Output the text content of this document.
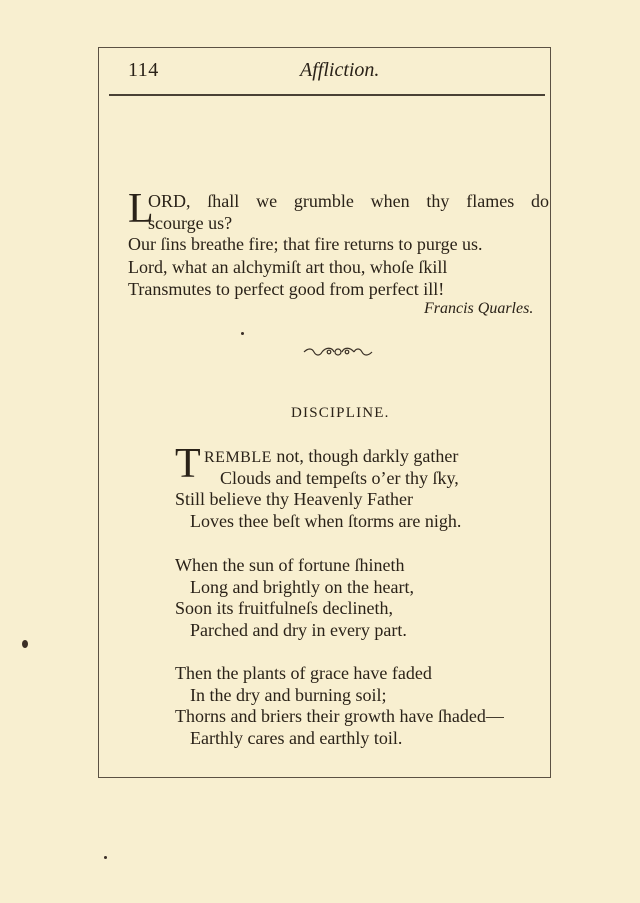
114	Affliction.
L
ORD, ſhall we grumble when thy flames do
scourge us?
Our ſins breathe fire; that fire returns to purge us.
Lord, what an alchymiſt art thou, whoſe ſkill
Transmutes to perfect good from perfect ill!
Francis Quarles.
DISCIPLINE.
T REMBLE not, though darkly gather
Clouds and tempeſts o’er thy ſky,
Still believe thy Heavenly Father
Loves thee beſt when ſtorms are nigh.
When the sun of fortune ſhineth
Long and brightly on the heart,
Soon its fruitfulneſs declineth,
Parched and dry in every part.
Then the plants of grace have faded
In the dry and burning soil;
Thorns and briers their growth have ſhaded—
Earthly cares and earthly toil.
